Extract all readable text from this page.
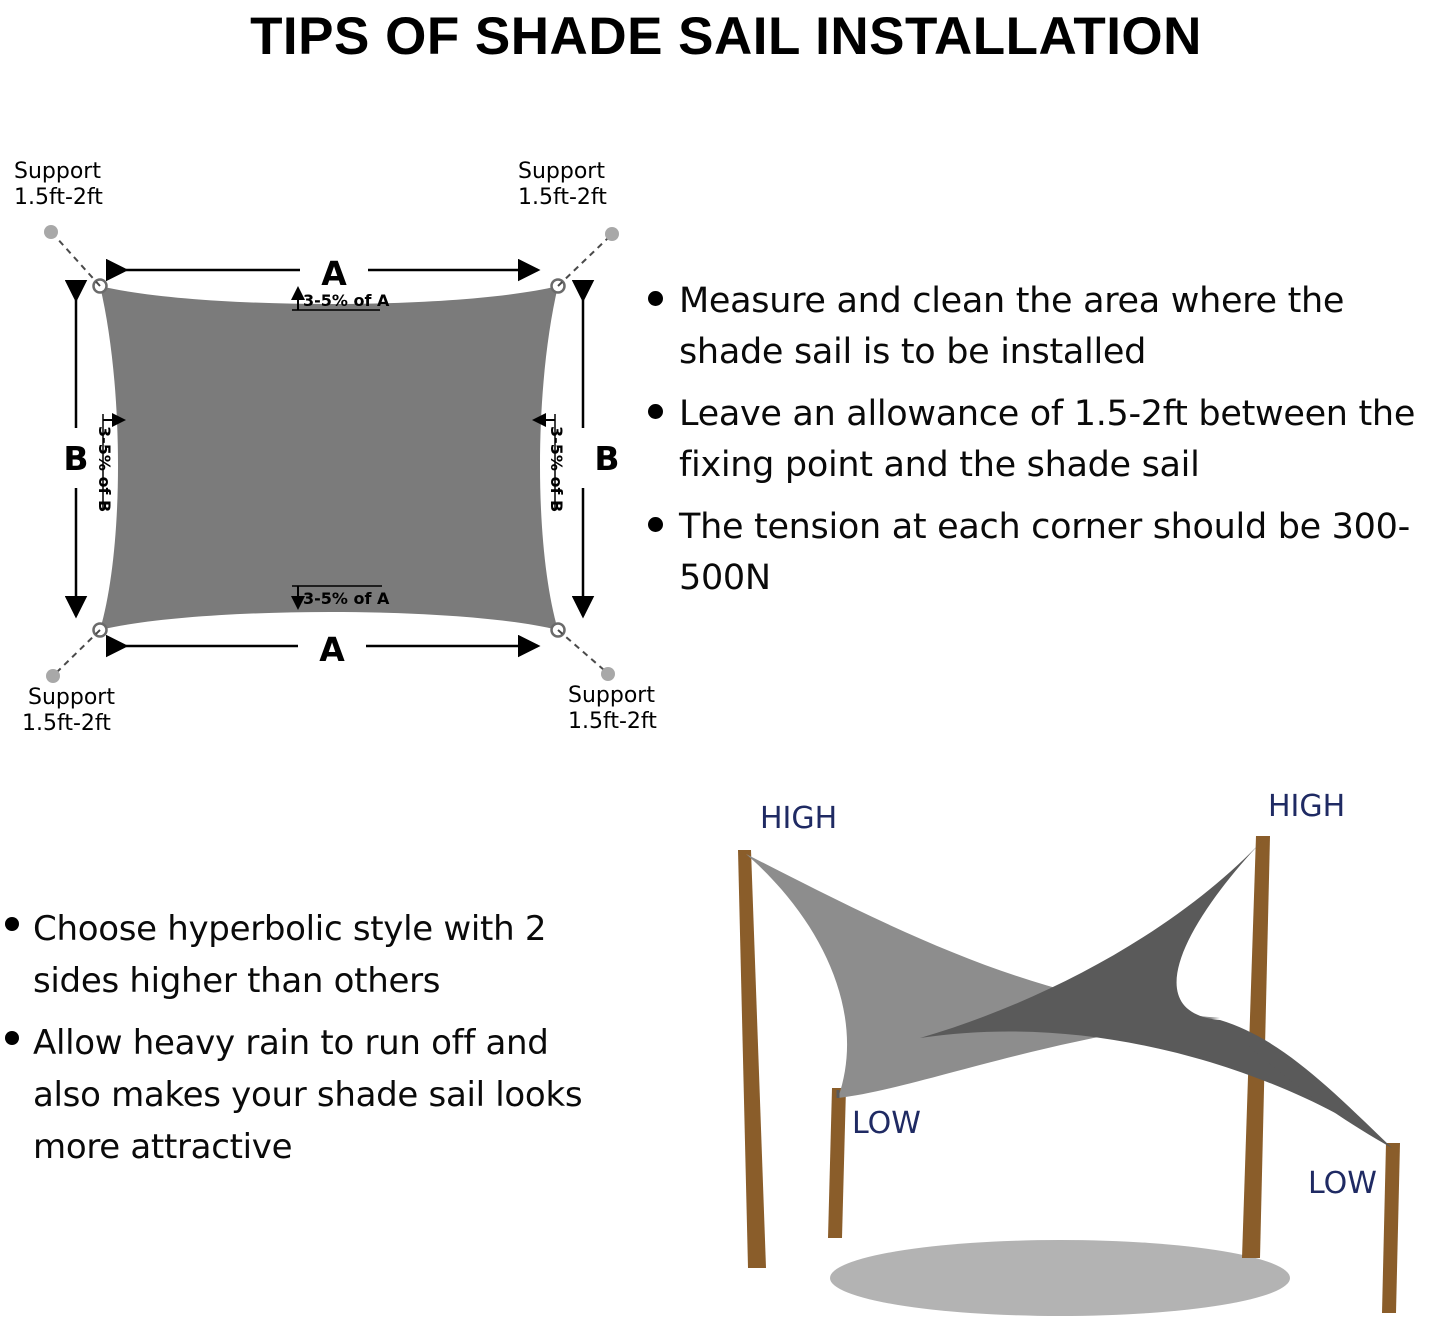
TIPS OF SHADE SAIL INSTALLATION
A
A
B	B
3-5% of A
3-5% of A
3-5% of B	3-5% of B
Support
1.5ft-2ft
Support
1.5ft-2ft
Support
1.5ft-2ft
Support
1.5ft-2ft
Measure and clean the area where the shade sail is to be installed
Leave an allowance of 1.5-2ft between the fixing point and the shade sail
The tension at each corner should be 300-500N
Choose hyperbolic style with 2 sides higher than others
Allow heavy rain to run off and also makes your shade sail looks more attractive
HIGH	HIGH
LOW
LOW
